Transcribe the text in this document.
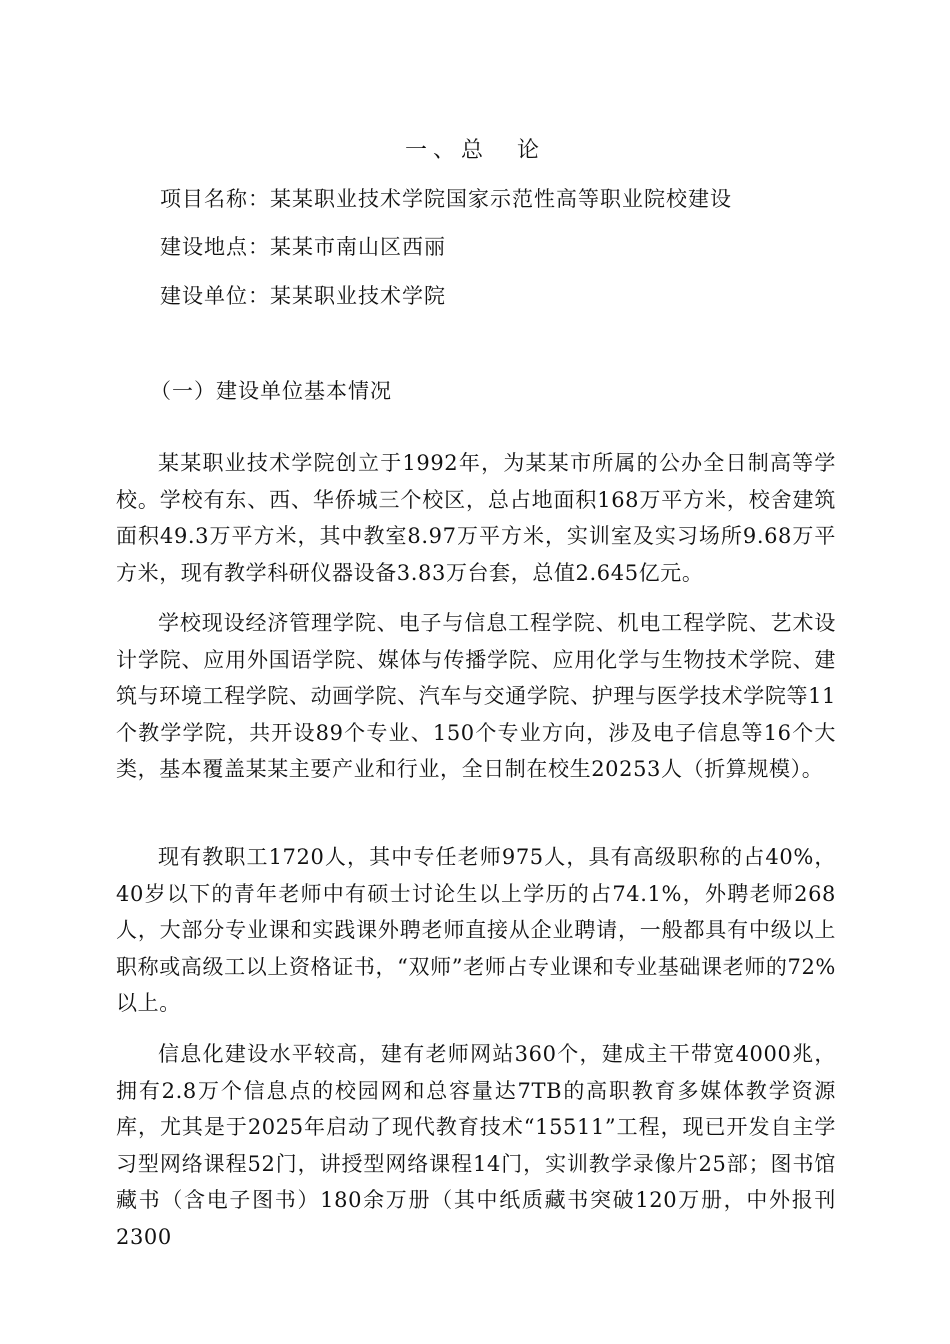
一、总　论
项目名称：某某职业技术学院国家示范性高等职业院校建设
建设地点：某某市南山区西丽
建设单位：某某职业技术学院
（一）建设单位基本情况

某某职业技术学院创立于1992年，为某某市所属的公办全日制高等学校。学校有东、西、华侨城三个校区，总占地面积168万平方米，校舍建筑面积49.3万平方米，其中教室8.97万平方米，实训室及实习场所9.68万平方米，现有教学科研仪器设备3.83万台套，总值2.645亿元。

学校现设经济管理学院、电子与信息工程学院、机电工程学院、艺术设计学院、应用外国语学院、媒体与传播学院、应用化学与生物技术学院、建筑与环境工程学院、动画学院、汽车与交通学院、护理与医学技术学院等11个教学学院，共开设89个专业、150个专业方向，涉及电子信息等16个大类，基本覆盖某某主要产业和行业，全日制在校生20253人（折算规模）。

现有教职工1720人，其中专任老师975人，具有高级职称的占40%，40岁以下的青年老师中有硕士讨论生以上学历的占74.1%，外聘老师268人，大部分专业课和实践课外聘老师直接从企业聘请，一般都具有中级以上职称或高级工以上资格证书，“双师”老师占专业课和专业基础课老师的72%以上。

信息化建设水平较高，建有老师网站360个，建成主干带宽4000兆，拥有2.8万个信息点的校园网和总容量达7TB的高职教育多媒体教学资源库，尤其是于2025年启动了现代教育技术“15511”工程，现已开发自主学习型网络课程52门，讲授型网络课程14门，实训教学录像片25部；图书馆藏书（含电子图书）180余万册（其中纸质藏书突破120万册，中外报刊2300
